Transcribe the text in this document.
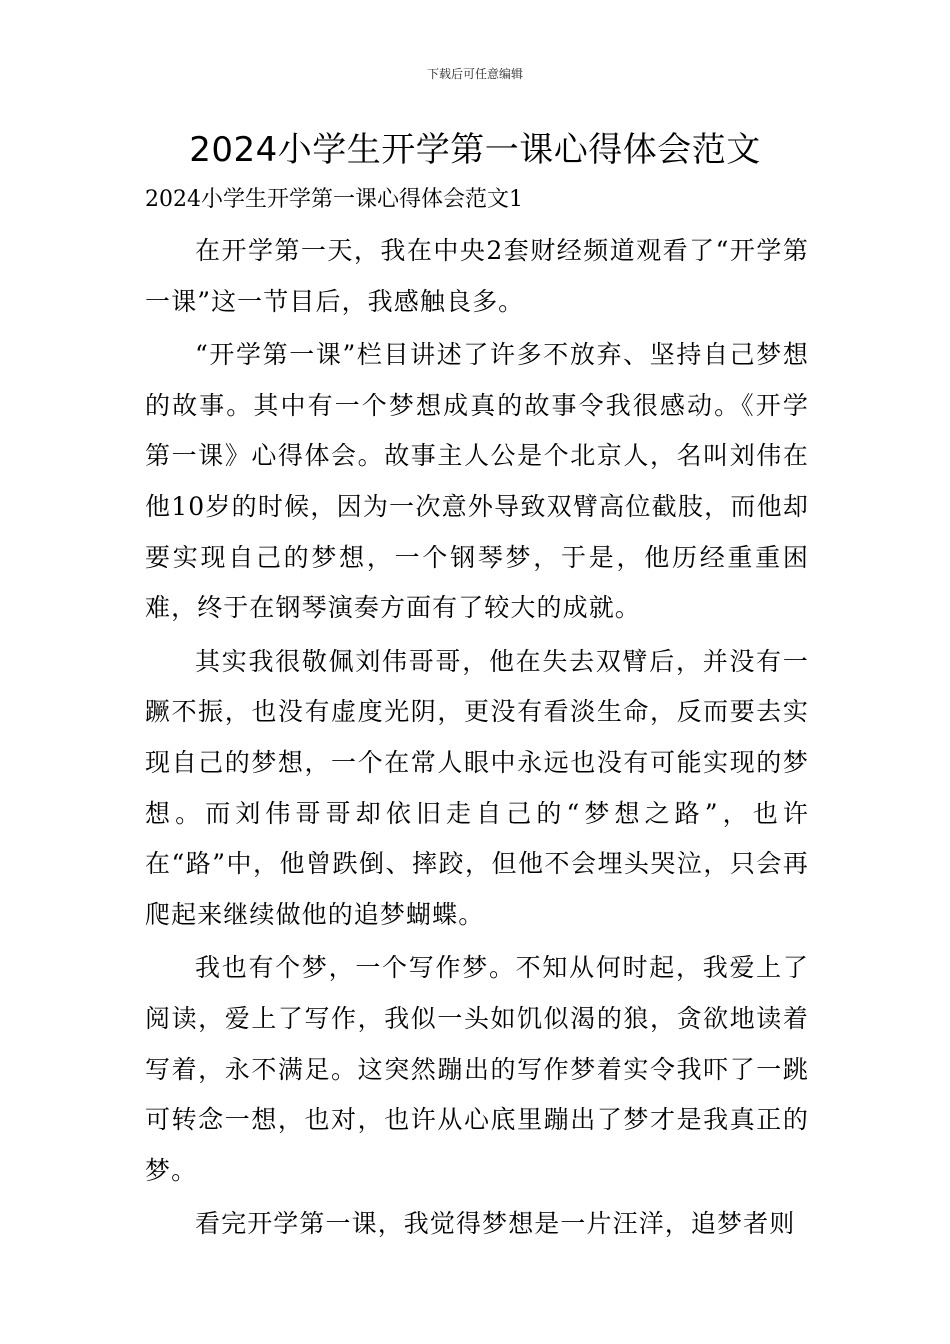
下载后可任意编辑
2024小学生开学第一课心得体会范文
2024小学生开学第一课心得体会范文1

在开学第一天，我在中央2套财经频道观看了“开学第一课”这一节目后，我感触良多。

“开学第一课”栏目讲述了许多不放弃、坚持自己梦想的故事。其中有一个梦想成真的故事令我很感动。《开学第一课》心得体会。故事主人公是个北京人，名叫刘伟在他10岁的时候，因为一次意外导致双臂高位截肢，而他却要实现自己的梦想，一个钢琴梦，于是，他历经重重困难，终于在钢琴演奏方面有了较大的成就。

其实我很敬佩刘伟哥哥，他在失去双臂后，并没有一蹶不振，也没有虚度光阴，更没有看淡生命，反而要去实现自己的梦想，一个在常人眼中永远也没有可能实现的梦想。而刘伟哥哥却依旧走自己的“梦想之路”，也许在“路”中，他曾跌倒、摔跤，但他不会埋头哭泣，只会再爬起来继续做他的追梦蝴蝶。

我也有个梦，一个写作梦。不知从何时起，我爱上了阅读，爱上了写作，我似一头如饥似渴的狼，贪欲地读着写着，永不满足。这突然蹦出的写作梦着实令我吓了一跳可转念一想，也对，也许从心底里蹦出了梦才是我真正的梦。

看完开学第一课，我觉得梦想是一片汪洋，追梦者则
